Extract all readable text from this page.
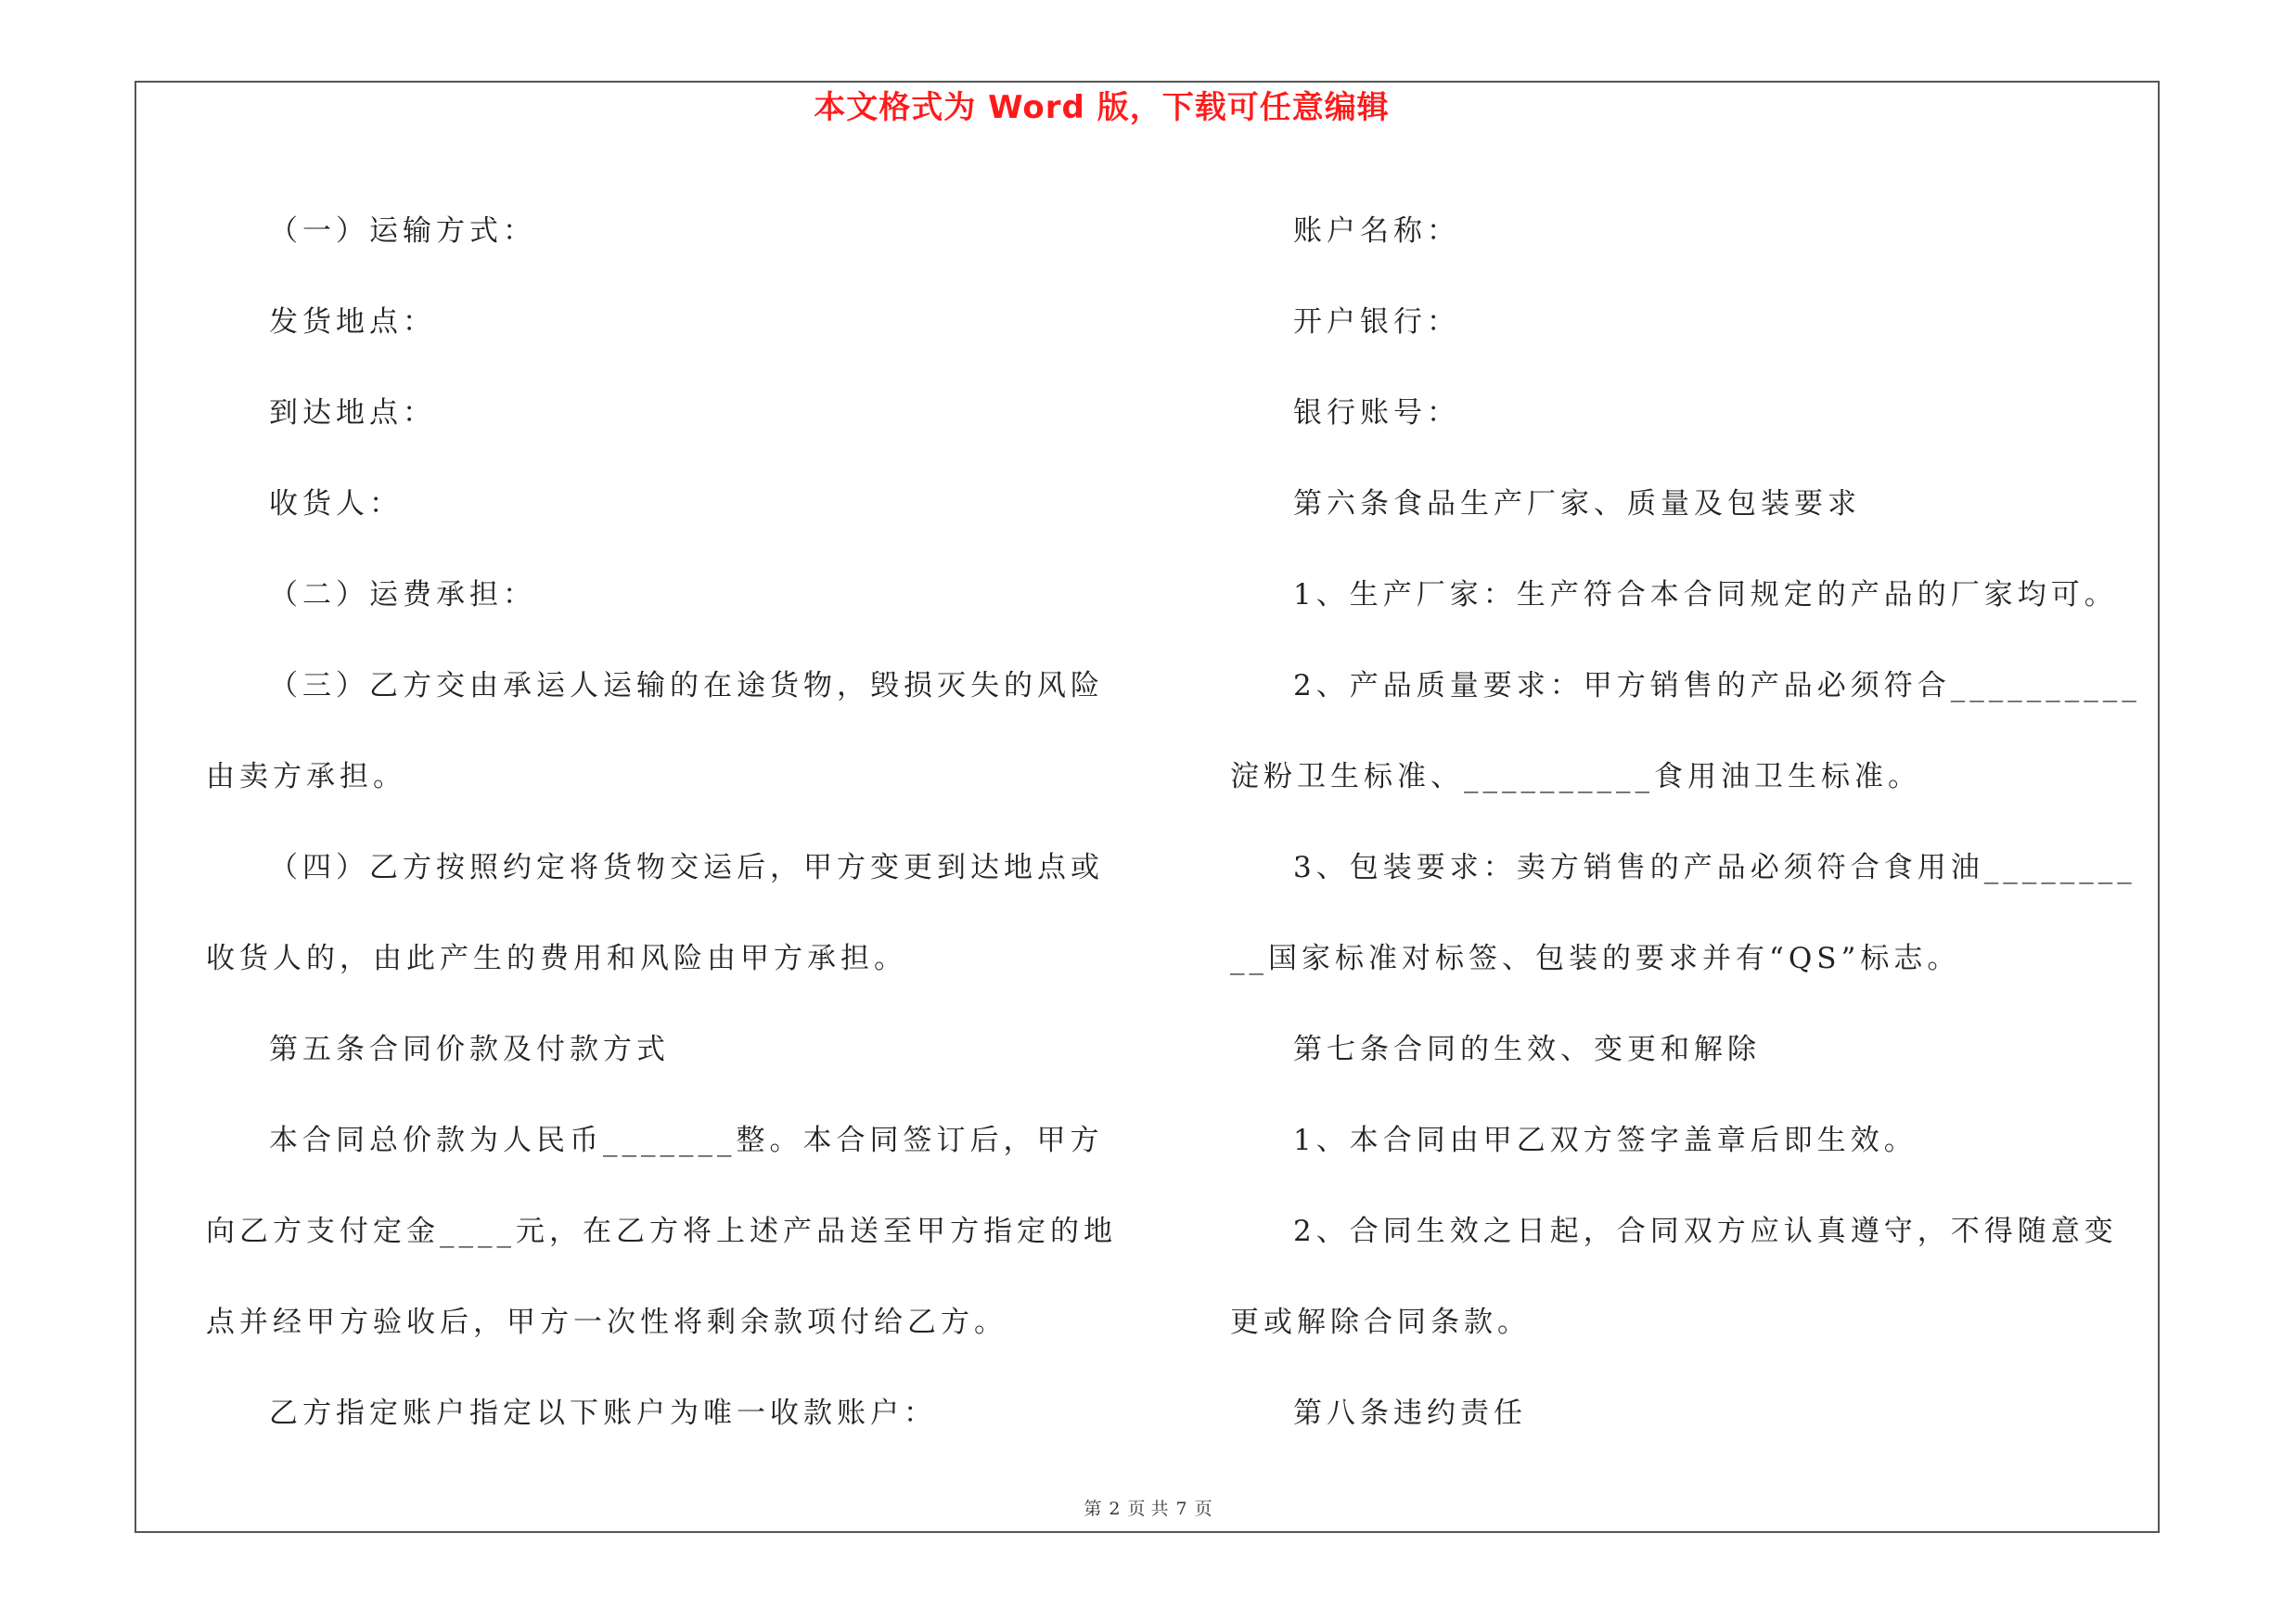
本文格式为 Word 版，下载可任意编辑

（一）运输方式：

发货地点：

到达地点：

收货人：

（二）运费承担：

（三）乙方交由承运人运输的在途货物，毁损灭失的风险由卖方承担。

（四）乙方按照约定将货物交运后，甲方变更到达地点或收货人的，由此产生的费用和风险由甲方承担。

第五条合同价款及付款方式

本合同总价款为人民币_______整。本合同签订后，甲方向乙方支付定金____元，在乙方将上述产品送至甲方指定的地点并经甲方验收后，甲方一次性将剩余款项付给乙方。

乙方指定账户指定以下账户为唯一收款账户：

账户名称：

开户银行：

银行账号：

第六条食品生产厂家、质量及包装要求

1、生产厂家：生产符合本合同规定的产品的厂家均可。

2、产品质量要求：甲方销售的产品必须符合__________淀粉卫生标准、__________食用油卫生标准。

3、包装要求：卖方销售的产品必须符合食用油__________国家标准对标签、包装的要求并有“QS”标志。

第七条合同的生效、变更和解除

1、本合同由甲乙双方签字盖章后即生效。

2、合同生效之日起，合同双方应认真遵守，不得随意变更或解除合同条款。

第八条违约责任

第 2 页 共 7 页
